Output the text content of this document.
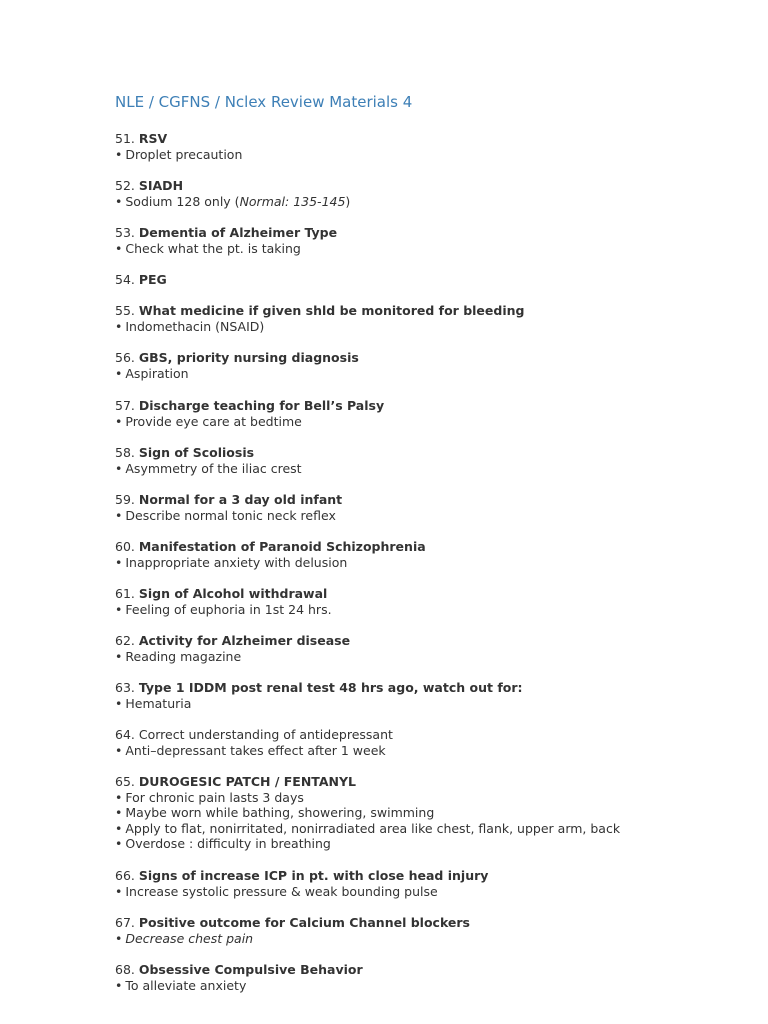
NLE / CGFNS / Nclex Review Materials 4
51. RSV
• Droplet precaution
52. SIADH
• Sodium 128 only (Normal: 135-145)
53. Dementia of Alzheimer Type
• Check what the pt. is taking
54. PEG
55. What medicine if given shld be monitored for bleeding
• Indomethacin (NSAID)
56. GBS, priority nursing diagnosis
• Aspiration
57. Discharge teaching for Bell’s Palsy
• Provide eye care at bedtime
58. Sign of Scoliosis
• Asymmetry of the iliac crest
59. Normal for a 3 day old infant
• Describe normal tonic neck reflex
60. Manifestation of Paranoid Schizophrenia
• Inappropriate anxiety with delusion
61. Sign of Alcohol withdrawal
• Feeling of euphoria in 1st 24 hrs.
62. Activity for Alzheimer disease
• Reading magazine
63. Type 1 IDDM post renal test 48 hrs ago, watch out for:
• Hematuria
64. Correct understanding of antidepressant
• Anti–depressant takes effect after 1 week
65. DUROGESIC PATCH / FENTANYL
• For chronic pain lasts 3 days
• Maybe worn while bathing, showering, swimming
• Apply to flat, nonirritated, nonirradiated area like chest, flank, upper arm, back
• Overdose : difficulty in breathing
66. Signs of increase ICP in pt. with close head injury
• Increase systolic pressure & weak bounding pulse
67. Positive outcome for Calcium Channel blockers
• Decrease chest pain
68. Obsessive Compulsive Behavior
• To alleviate anxiety
